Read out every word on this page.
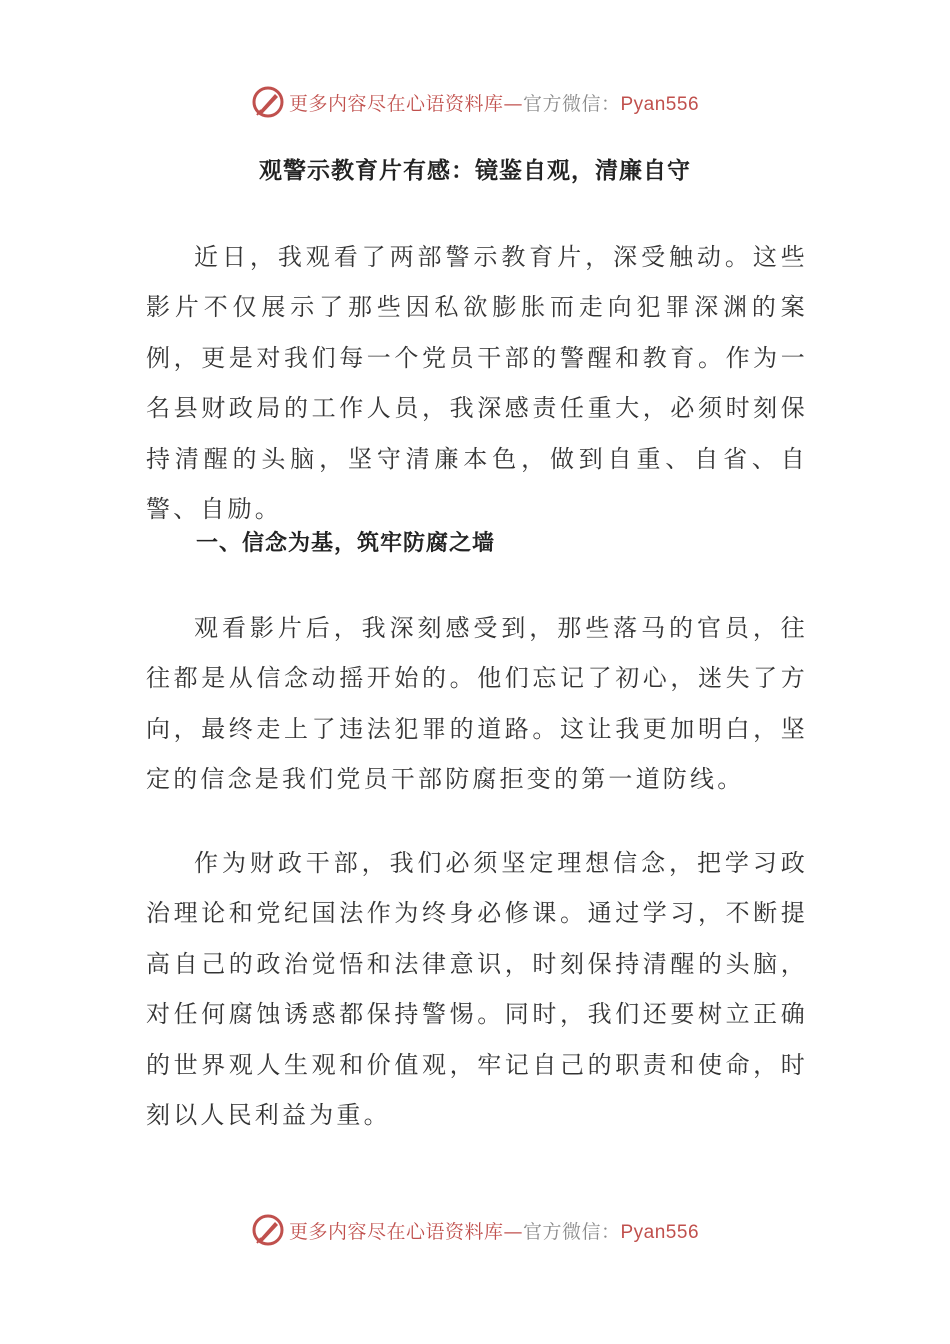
更多内容尽在心语资料库—官方微信：Pyan556
观警示教育片有感：镜鉴自观，清廉自守

近日，我观看了两部警示教育片，深受触动。这些影片不仅展示了那些因私欲膨胀而走向犯罪深渊的案例，更是对我们每一个党员干部的警醒和教育。作为一名县财政局的工作人员，我深感责任重大，必须时刻保持清醒的头脑，坚守清廉本色，做到自重、自省、自警、自励。

一、信念为基，筑牢防腐之墙

观看影片后，我深刻感受到，那些落马的官员，往往都是从信念动摇开始的。他们忘记了初心，迷失了方向，最终走上了违法犯罪的道路。这让我更加明白，坚定的信念是我们党员干部防腐拒变的第一道防线。

作为财政干部，我们必须坚定理想信念，把学习政治理论和党纪国法作为终身必修课。通过学习，不断提高自己的政治觉悟和法律意识，时刻保持清醒的头脑，对任何腐蚀诱惑都保持警惕。同时，我们还要树立正确的世界观人生观和价值观，牢记自己的职责和使命，时刻以人民利益为重。

更多内容尽在心语资料库—官方微信：Pyan556
